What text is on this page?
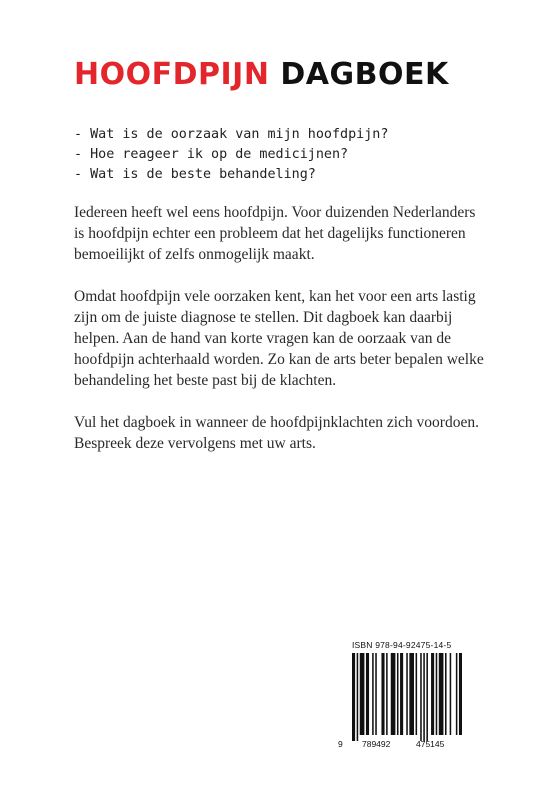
HOOFDPIJN DAGBOEK
- Wat is de oorzaak van mijn hoofdpijn?
- Hoe reageer ik op de medicijnen?
- Wat is de beste behandeling?

Iedereen heeft wel eens hoofdpijn. Voor duizenden Nederlanders is hoofdpijn echter een probleem dat het dagelijks functioneren bemoeilijkt of zelfs onmogelijk maakt.

Omdat hoofdpijn vele oorzaken kent, kan het voor een arts lastig zijn om de juiste diagnose te stellen. Dit dagboek kan daarbij helpen. Aan de hand van korte vragen kan de oorzaak van de hoofdpijn achterhaald worden. Zo kan de arts beter bepalen welke behandeling het beste past bij de klachten.

Vul het dagboek in wanneer de hoofdpijnklachten zich voordoen. Bespreek deze vervolgens met uw arts.

ISBN 978-94-92475-14-5
9 789492	475145
